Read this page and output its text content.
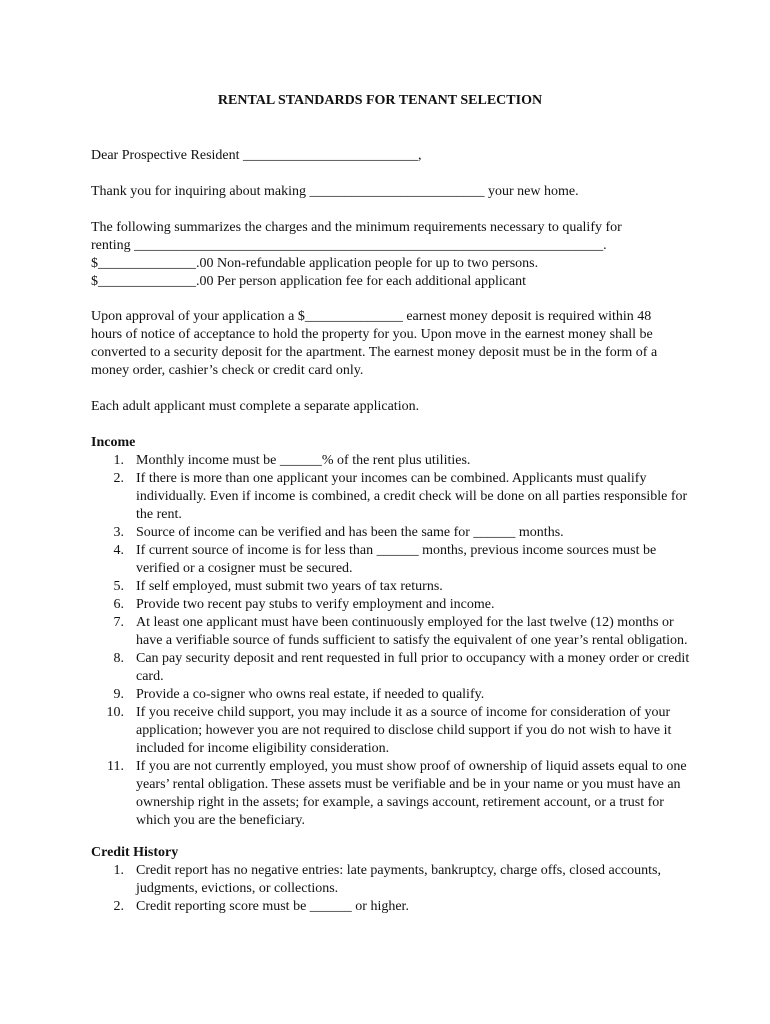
RENTAL STANDARDS FOR TENANT SELECTION
Dear Prospective Resident _________________________,
Thank you for inquiring about making _________________________ your new home.
The following summarizes the charges and the minimum requirements necessary to qualify for
renting ___________________________________________________________________.
$______________.00 Non-refundable application people for up to two persons.
$______________.00 Per person application fee for each additional applicant
Upon approval of your application a $______________ earnest money deposit is required within 48 hours of notice of acceptance to hold the property for you. Upon move in the earnest money shall be converted to a security deposit for the apartment. The earnest money deposit must be in the form of a money order, cashier’s check or credit card only.
Each adult applicant must complete a separate application.
Income
1. Monthly income must be ______% of the rent plus utilities.
2. If there is more than one applicant your incomes can be combined. Applicants must qualify individually. Even if income is combined, a credit check will be done on all parties responsible for the rent.
3. Source of income can be verified and has been the same for ______ months.
4. If current source of income is for less than ______ months, previous income sources must be verified or a cosigner must be secured.
5. If self employed, must submit two years of tax returns.
6. Provide two recent pay stubs to verify employment and income.
7. At least one applicant must have been continuously employed for the last twelve (12) months or have a verifiable source of funds sufficient to satisfy the equivalent of one year’s rental obligation.
8. Can pay security deposit and rent requested in full prior to occupancy with a money order or credit card.
9. Provide a co-signer who owns real estate, if needed to qualify.
10. If you receive child support, you may include it as a source of income for consideration of your application; however you are not required to disclose child support if you do not wish to have it included for income eligibility consideration.
11. If you are not currently employed, you must show proof of ownership of liquid assets equal to one years’ rental obligation. These assets must be verifiable and be in your name or you must have an ownership right in the assets; for example, a savings account, retirement account, or a trust for which you are the beneficiary.
Credit History
1. Credit report has no negative entries: late payments, bankruptcy, charge offs, closed accounts, judgments, evictions, or collections.
2. Credit reporting score must be ______ or higher.
